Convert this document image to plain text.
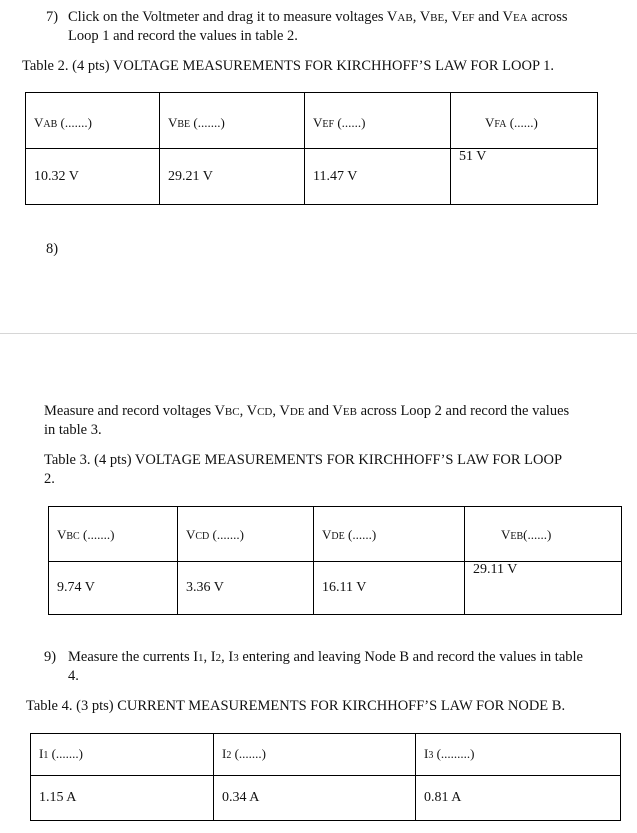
7) Click on the Voltmeter and drag it to measure voltages VAB, VBE, VEF and VEA across
Loop 1 and record the values in table 2.
Table 2. (4 pts) VOLTAGE MEASUREMENTS FOR KIRCHHOFF’S LAW FOR LOOP 1.
VAB (.......)	VBE (.......)	VEF (......)	VFA (......)
10.32 V	29.21 V	11.47 V	51 V
8)
Measure and record voltages VBC, VCD, VDE and VEB across Loop 2 and record the values
in table 3.
Table 3. (4 pts) VOLTAGE MEASUREMENTS FOR KIRCHHOFF’S LAW FOR LOOP
2.
VBC (.......)	VCD (.......)	VDE (......)	VEB(......)
9.74 V	3.36 V	16.11 V	29.11 V
9) Measure the currents I1, I2, I3 entering and leaving Node B and record the values in table
4.
Table 4. (3 pts) CURRENT MEASUREMENTS FOR KIRCHHOFF’S LAW FOR NODE B.
I1 (.......)	I2 (.......)	I3 (.........)
1.15 A	0.34 A	0.81 A
